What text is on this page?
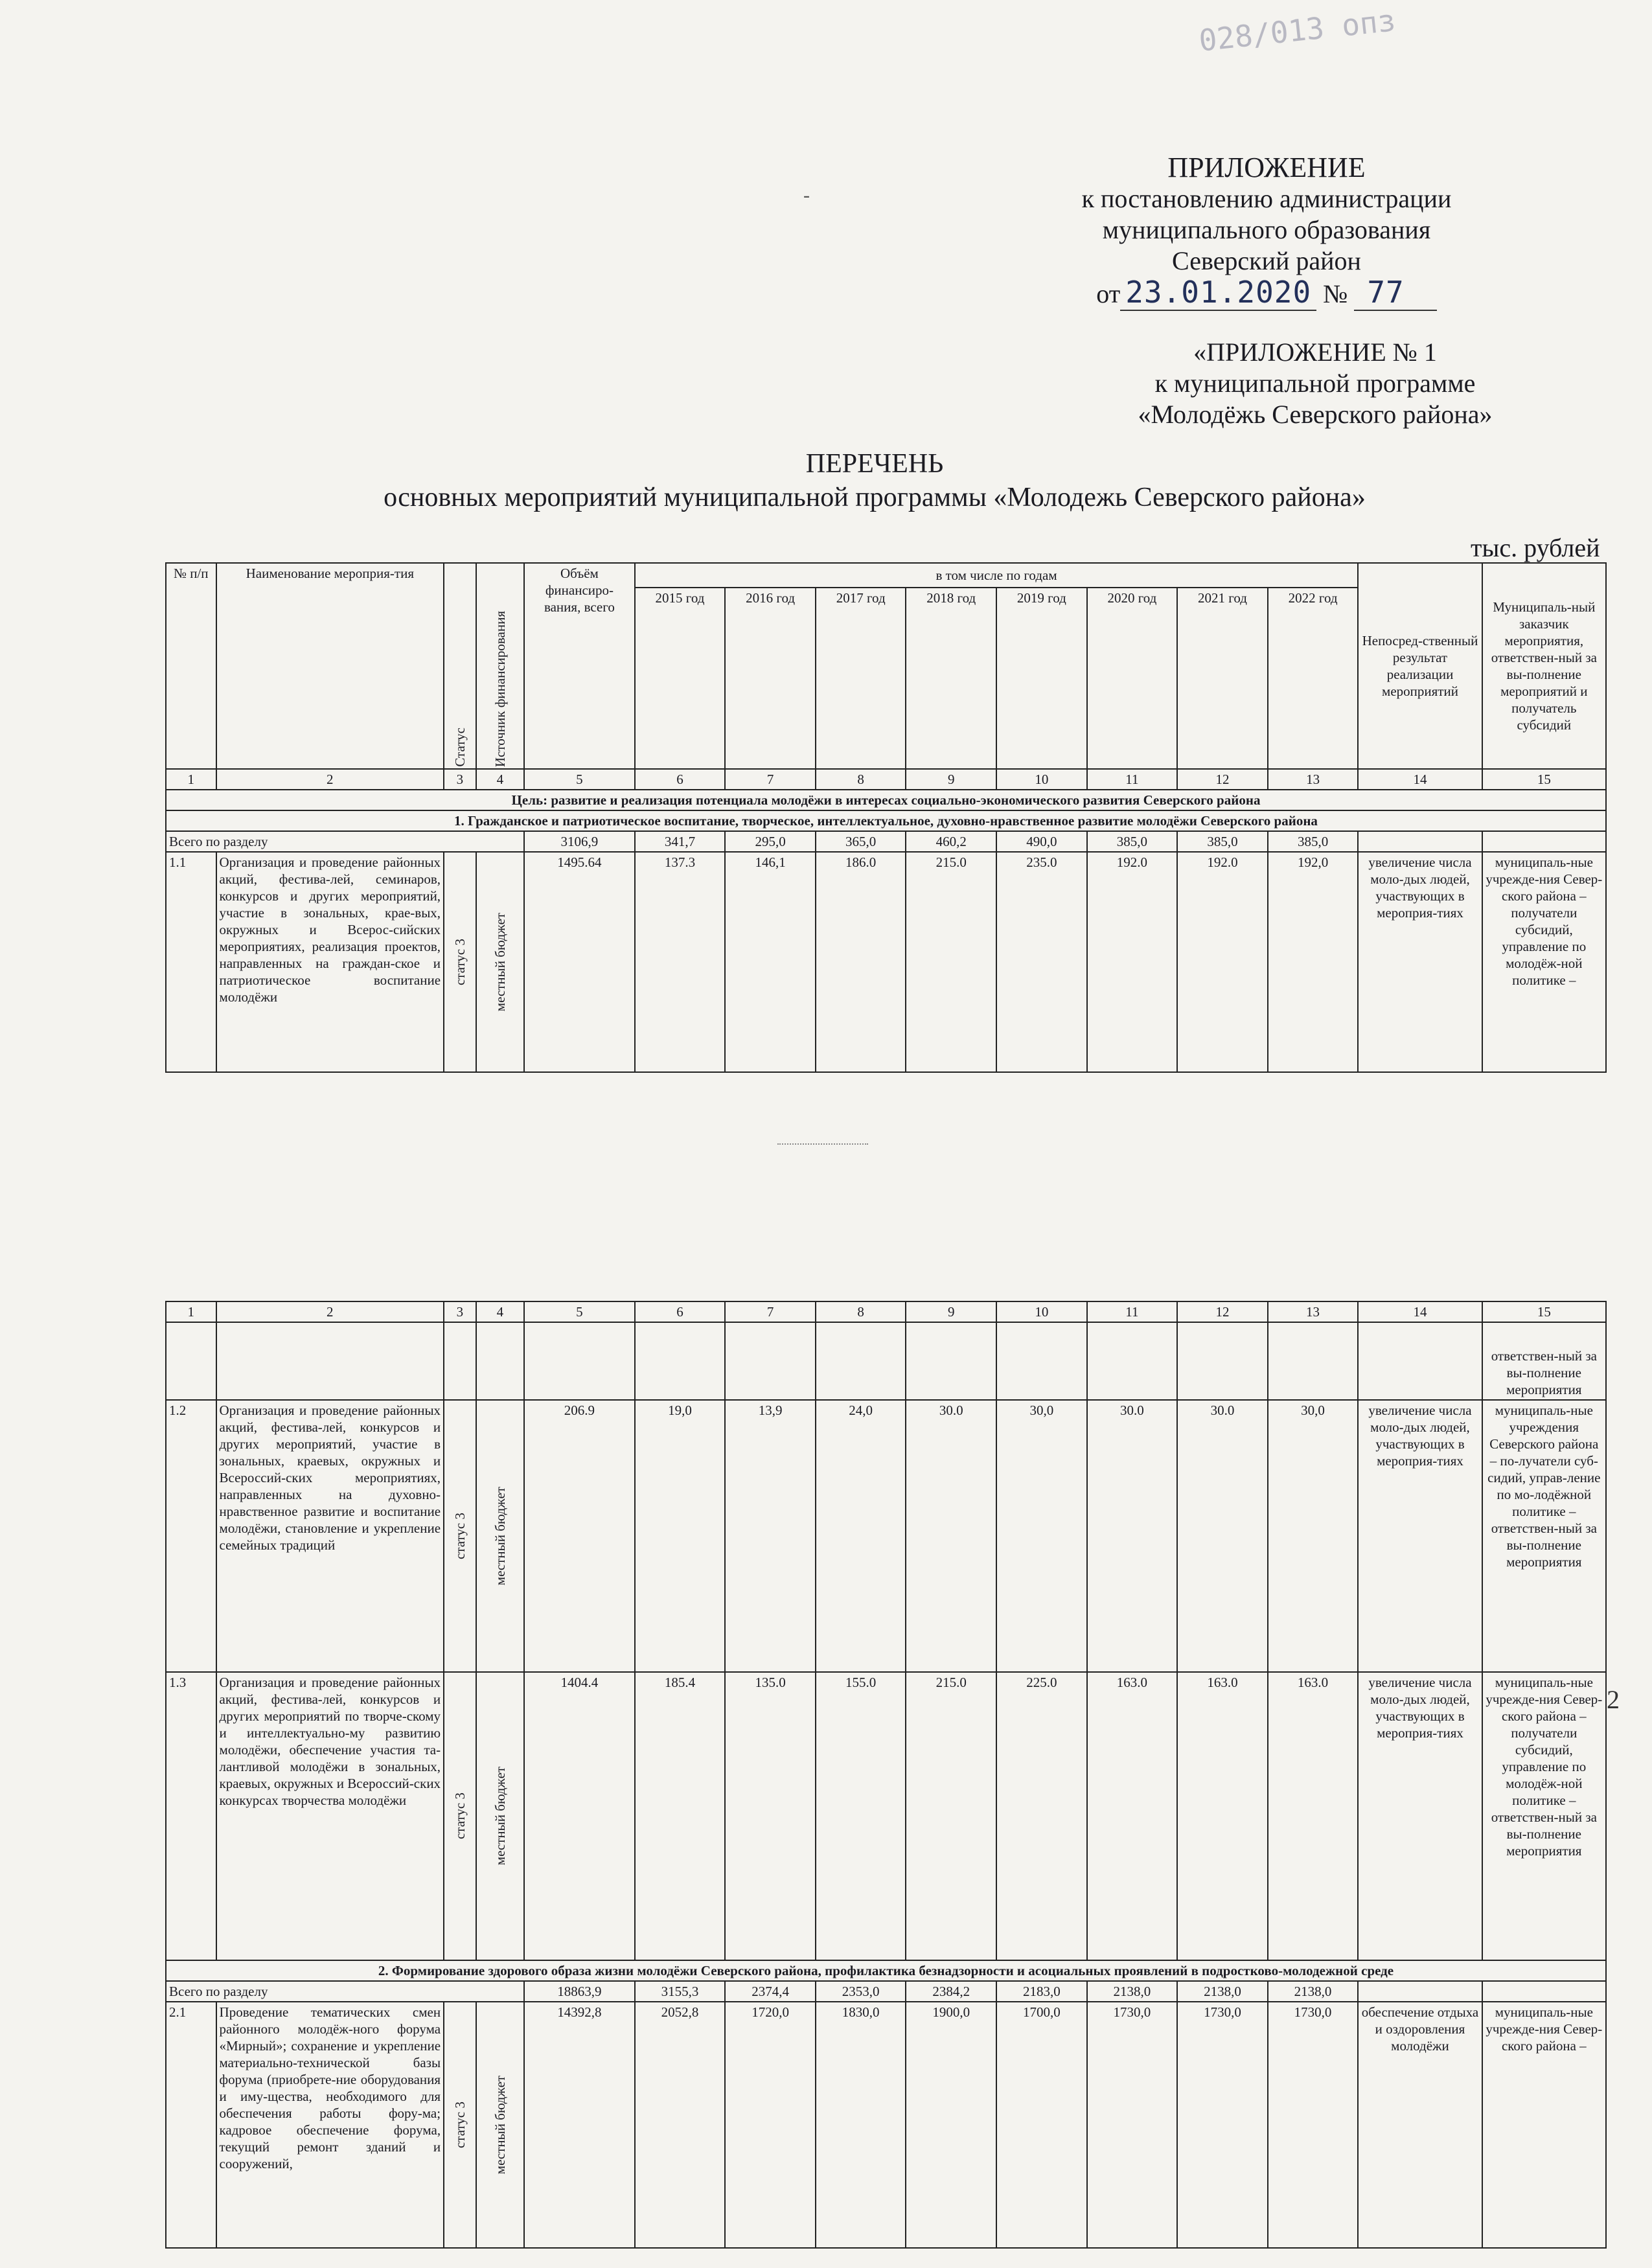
028/013 опз
-
ПРИЛОЖЕНИЕ
к постановлению администрации
муниципального образования
Северский район
от 23.01.2020 № 77
«ПРИЛОЖЕНИЕ № 1
к муниципальной программе
«Молодёжь Северского района»
ПЕРЕЧЕНЬ
основных мероприятий муниципальной программы «Молодежь Северского района»
тыс. рублей
№ п/п	Наименование мероприя-тия	Статус	Источник финансирования	Объём финансиро-вания, всего	в том числе по годам								Непосред-ственный результат реализации мероприятий	Муниципаль-ный заказчик мероприятия, ответствен-ный за вы-полнение мероприятий и получатель субсидий
					2015 год	2016 год	2017 год	2018 год	2019 год	2020 год	2021 год	2022 год		
1	2	3	4	5	6	7	8	9	10	11	12	13	14	15
Цель: развитие и реализация потенциала молодёжи в интересах социально-экономического развития Северского района														
1. Гражданское и патриотическое воспитание, творческое, интеллектуальное, духовно-нравственное развитие молодёжи Северского района														
Всего по разделу				3106,9	341,7	295,0	365,0	460,2	490,0	385,0	385,0	385,0		
1.1	Организация и проведение районных акций, фестива-лей, семинаров, конкурсов и других мероприятий, участие в зональных, крае-вых, окружных и Всерос-сийских мероприятиях, реализация проектов, направленных на граждан-ское и патриотическое воспитание молодёжи	статус 3	местный бюджет	1495.64	137.3	146,1	186.0	215.0	235.0	192.0	192.0	192,0	увеличение числа моло-дых людей, участвующих в мероприя-тиях	муниципаль-ные учрежде-ния Север-ского района – получатели субсидий, управление по молодёж-ной политике –
1	2	3	4	5	6	7	8	9	10	11	12	13	14	15
														ответствен-ный за вы-полнение мероприятия
1.2	Организация и проведение районных акций, фестива-лей, конкурсов и других мероприятий, участие в зональных, краевых, окружных и Всероссий-ских мероприятиях, направленных на духовно-нравственное развитие и воспитание молодёжи, становление и укрепление семейных традиций	статус 3	местный бюджет	206.9	19,0	13,9	24,0	30.0	30,0	30.0	30.0	30,0	увеличение числа моло-дых людей, участвующих в мероприя-тиях	муниципаль-ные учреждения Северского района – по-лучатели суб-сидий, управ-ление по мо-лодёжной политике – ответствен-ный за вы-полнение мероприятия
1.3	Организация и проведение районных акций, фестива-лей, конкурсов и других мероприятий по творче-скому и интеллектуально-му развитию молодёжи, обеспечение участия та-лантливой молодёжи в зональных, краевых, окружных и Всероссий-ских конкурсах творчества молодёжи	статус 3	местный бюджет	1404.4	185.4	135.0	155.0	215.0	225.0	163.0	163.0	163.0	увеличение числа моло-дых людей, участвующих в мероприя-тиях	муниципаль-ные учрежде-ния Север-ского района – получатели субсидий, управление по молодёж-ной политике – ответствен-ный за вы-полнение мероприятия
2. Формирование здорового образа жизни молодёжи Северского района, профилактика безнадзорности и асоциальных проявлений в подростково-молодежной среде														
Всего по разделу				18863,9	3155,3	2374,4	2353,0	2384,2	2183,0	2138,0	2138,0	2138,0		
2.1	Проведение тематических смен районного молодёж-ного форума «Мирный»; сохранение и укрепление материально-технической базы форума (приобрете-ние оборудования и иму-щества, необходимого для обеспечения работы фору-ма; кадровое обеспечение форума, текущий ремонт зданий и сооружений,	статус 3	местный бюджет	14392,8	2052,8	1720,0	1830,0	1900,0	1700,0	1730,0	1730,0	1730,0	обеспечение отдыха и оздоровления молодёжи	муниципаль-ные учрежде-ния Север-ского района –
2
